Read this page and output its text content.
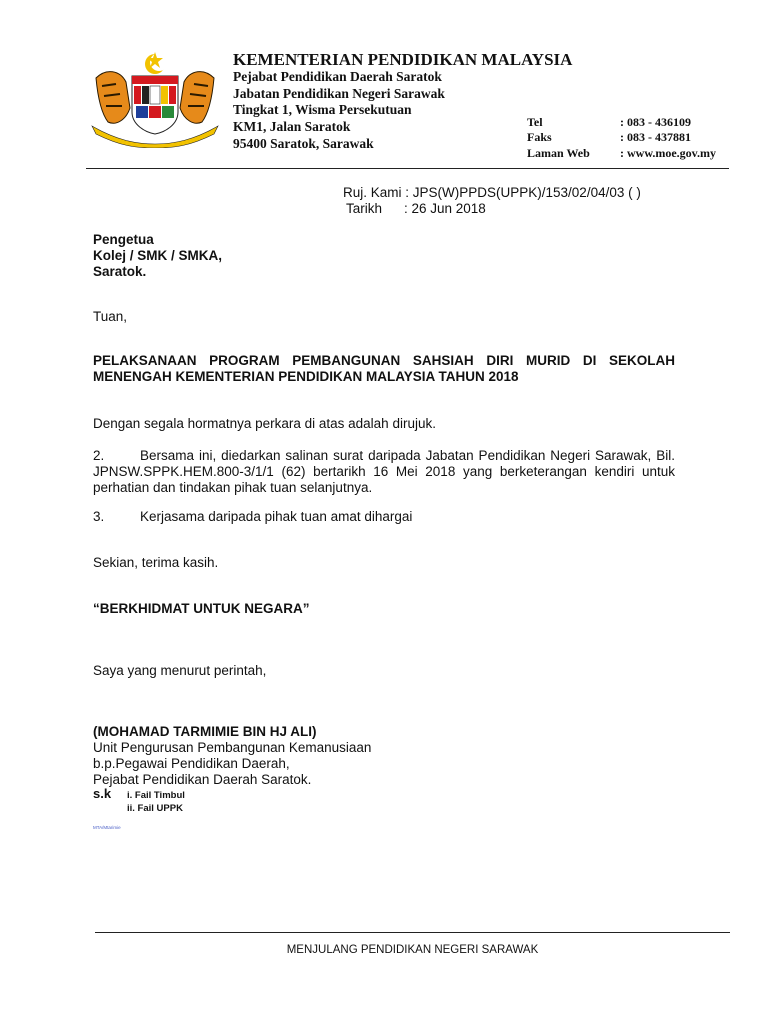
KEMENTERIAN PENDIDIKAN MALAYSIA
Pejabat Pendidikan Daerah Saratok
Jabatan Pendidikan Negeri Sarawak
Tingkat 1, Wisma Persekutuan
KM1, Jalan Saratok
95400 Saratok, Sarawak
Tel	: 083 - 436109
Faks	: 083 - 437881
Laman Web	: www.moe.gov.my
Ruj. Kami : JPS(W)PPDS(UPPK)/153/02/04/03 ( )
Tarikh : 26 Jun 2018
Pengetua
Kolej / SMK / SMKA,
Saratok.
Tuan,
PELAKSANAAN PROGRAM PEMBANGUNAN SAHSIAH DIRI MURID DI SEKOLAH MENENGAH KEMENTERIAN PENDIDIKAN MALAYSIA TAHUN 2018
Dengan segala hormatnya perkara di atas adalah dirujuk.
2.	Bersama ini, diedarkan salinan surat daripada Jabatan Pendidikan Negeri Sarawak, Bil. JPNSW.SPPK.HEM.800-3/1/1 (62) bertarikh 16 Mei 2018 yang berketerangan kendiri untuk perhatian dan tindakan pihak tuan selanjutnya.
3.	Kerjasama daripada pihak tuan amat dihargai
Sekian, terima kasih.
“BERKHIDMAT UNTUK NEGARA”
Saya yang menurut perintah,
(MOHAMAD TARMIMIE BIN HJ ALI)
Unit Pengurusan Pembangunan Kemanusiaan
b.p.Pegawai Pendidikan Daerah,
Pejabat Pendidikan Daerah Saratok.
s.k i. Fail Timbul
ii. Fail UPPK
MTA/Mtarimie
MENJULANG PENDIDIKAN NEGERI SARAWAK
